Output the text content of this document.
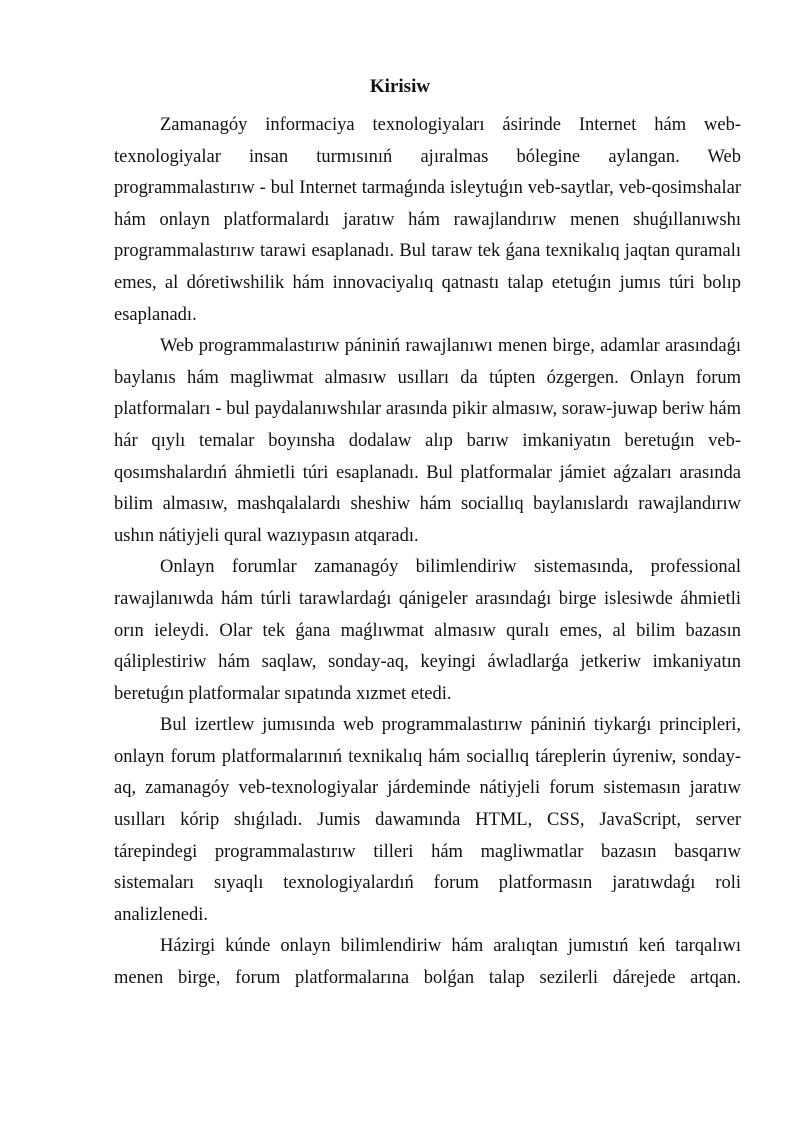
Kirisiw

Zamanagóy informaciya texnologiyaları ásirinde Internet hám web-texnologiyalar insan turmısınıń ajıralmas bólegine aylangan. Web programmalastırıw - bul Internet tarmaǵında isleytuǵın veb-saytlar, veb-qosimshalar hám onlayn platformalardı jaratıw hám rawajlandırıw menen shuǵıllanıwshı programmalastırıw tarawi esaplanadı. Bul taraw tek ǵana texnikalıq jaqtan quramalı emes, al dóretiwshilik hám innovaciyalıq qatnastı talap etetuǵın jumıs túri bolıp esaplanadı.

Web programmalastırıw pániniń rawajlanıwı menen birge, adamlar arasındaǵı baylanıs hám magliwmat almasıw usılları da túpten ózgergen. Onlayn forum platformaları - bul paydalanıwshılar arasında pikir almasıw, soraw-juwap beriw hám hár qıylı temalar boyınsha dodalaw alıp barıw imkaniyatın beretuǵın veb-qosımshalardıń áhmietli túri esaplanadı. Bul platformalar jámiet aǵzaları arasında bilim almasıw, mashqalalardı sheshiw hám sociallıq baylanıslardı rawajlandırıw ushın nátiyjeli qural wazıypasın atqaradı.

Onlayn forumlar zamanagóy bilimlendiriw sistemasında, professional rawajlanıwda hám túrli tarawlardaǵı qánigeler arasındaǵı birge islesiwde áhmietli orın ieleydi. Olar tek ǵana maǵlıwmat almasıw quralı emes, al bilim bazasın qáliplestiriw hám saqlaw, sonday-aq, keyingi áwladlarǵa jetkeriw imkaniyatın beretuǵın platformalar sıpatında xızmet etedi.

Bul izertlew jumısında web programmalastırıw pániniń tiykarǵı principleri, onlayn forum platformalarınıń texnikalıq hám sociallıq táreplerin úyreniw, sonday-aq, zamanagóy veb-texnologiyalar járdeminde nátiyjeli forum sistemasın jaratıw usılları kórip shıǵıladı. Jumis dawamında HTML, CSS, JavaScript, server tárepindegi programmalastırıw tilleri hám magliwmatlar bazasın basqarıw sistemaları sıyaqlı texnologiyalardıń forum platformasın jaratıwdaǵı roli analizlenedi.

Házirgi kúnde onlayn bilimlendiriw hám aralıqtan jumıstıń keń tarqalıwı menen birge, forum platformalarına bolǵan talap sezilerli dárejede artqan.
